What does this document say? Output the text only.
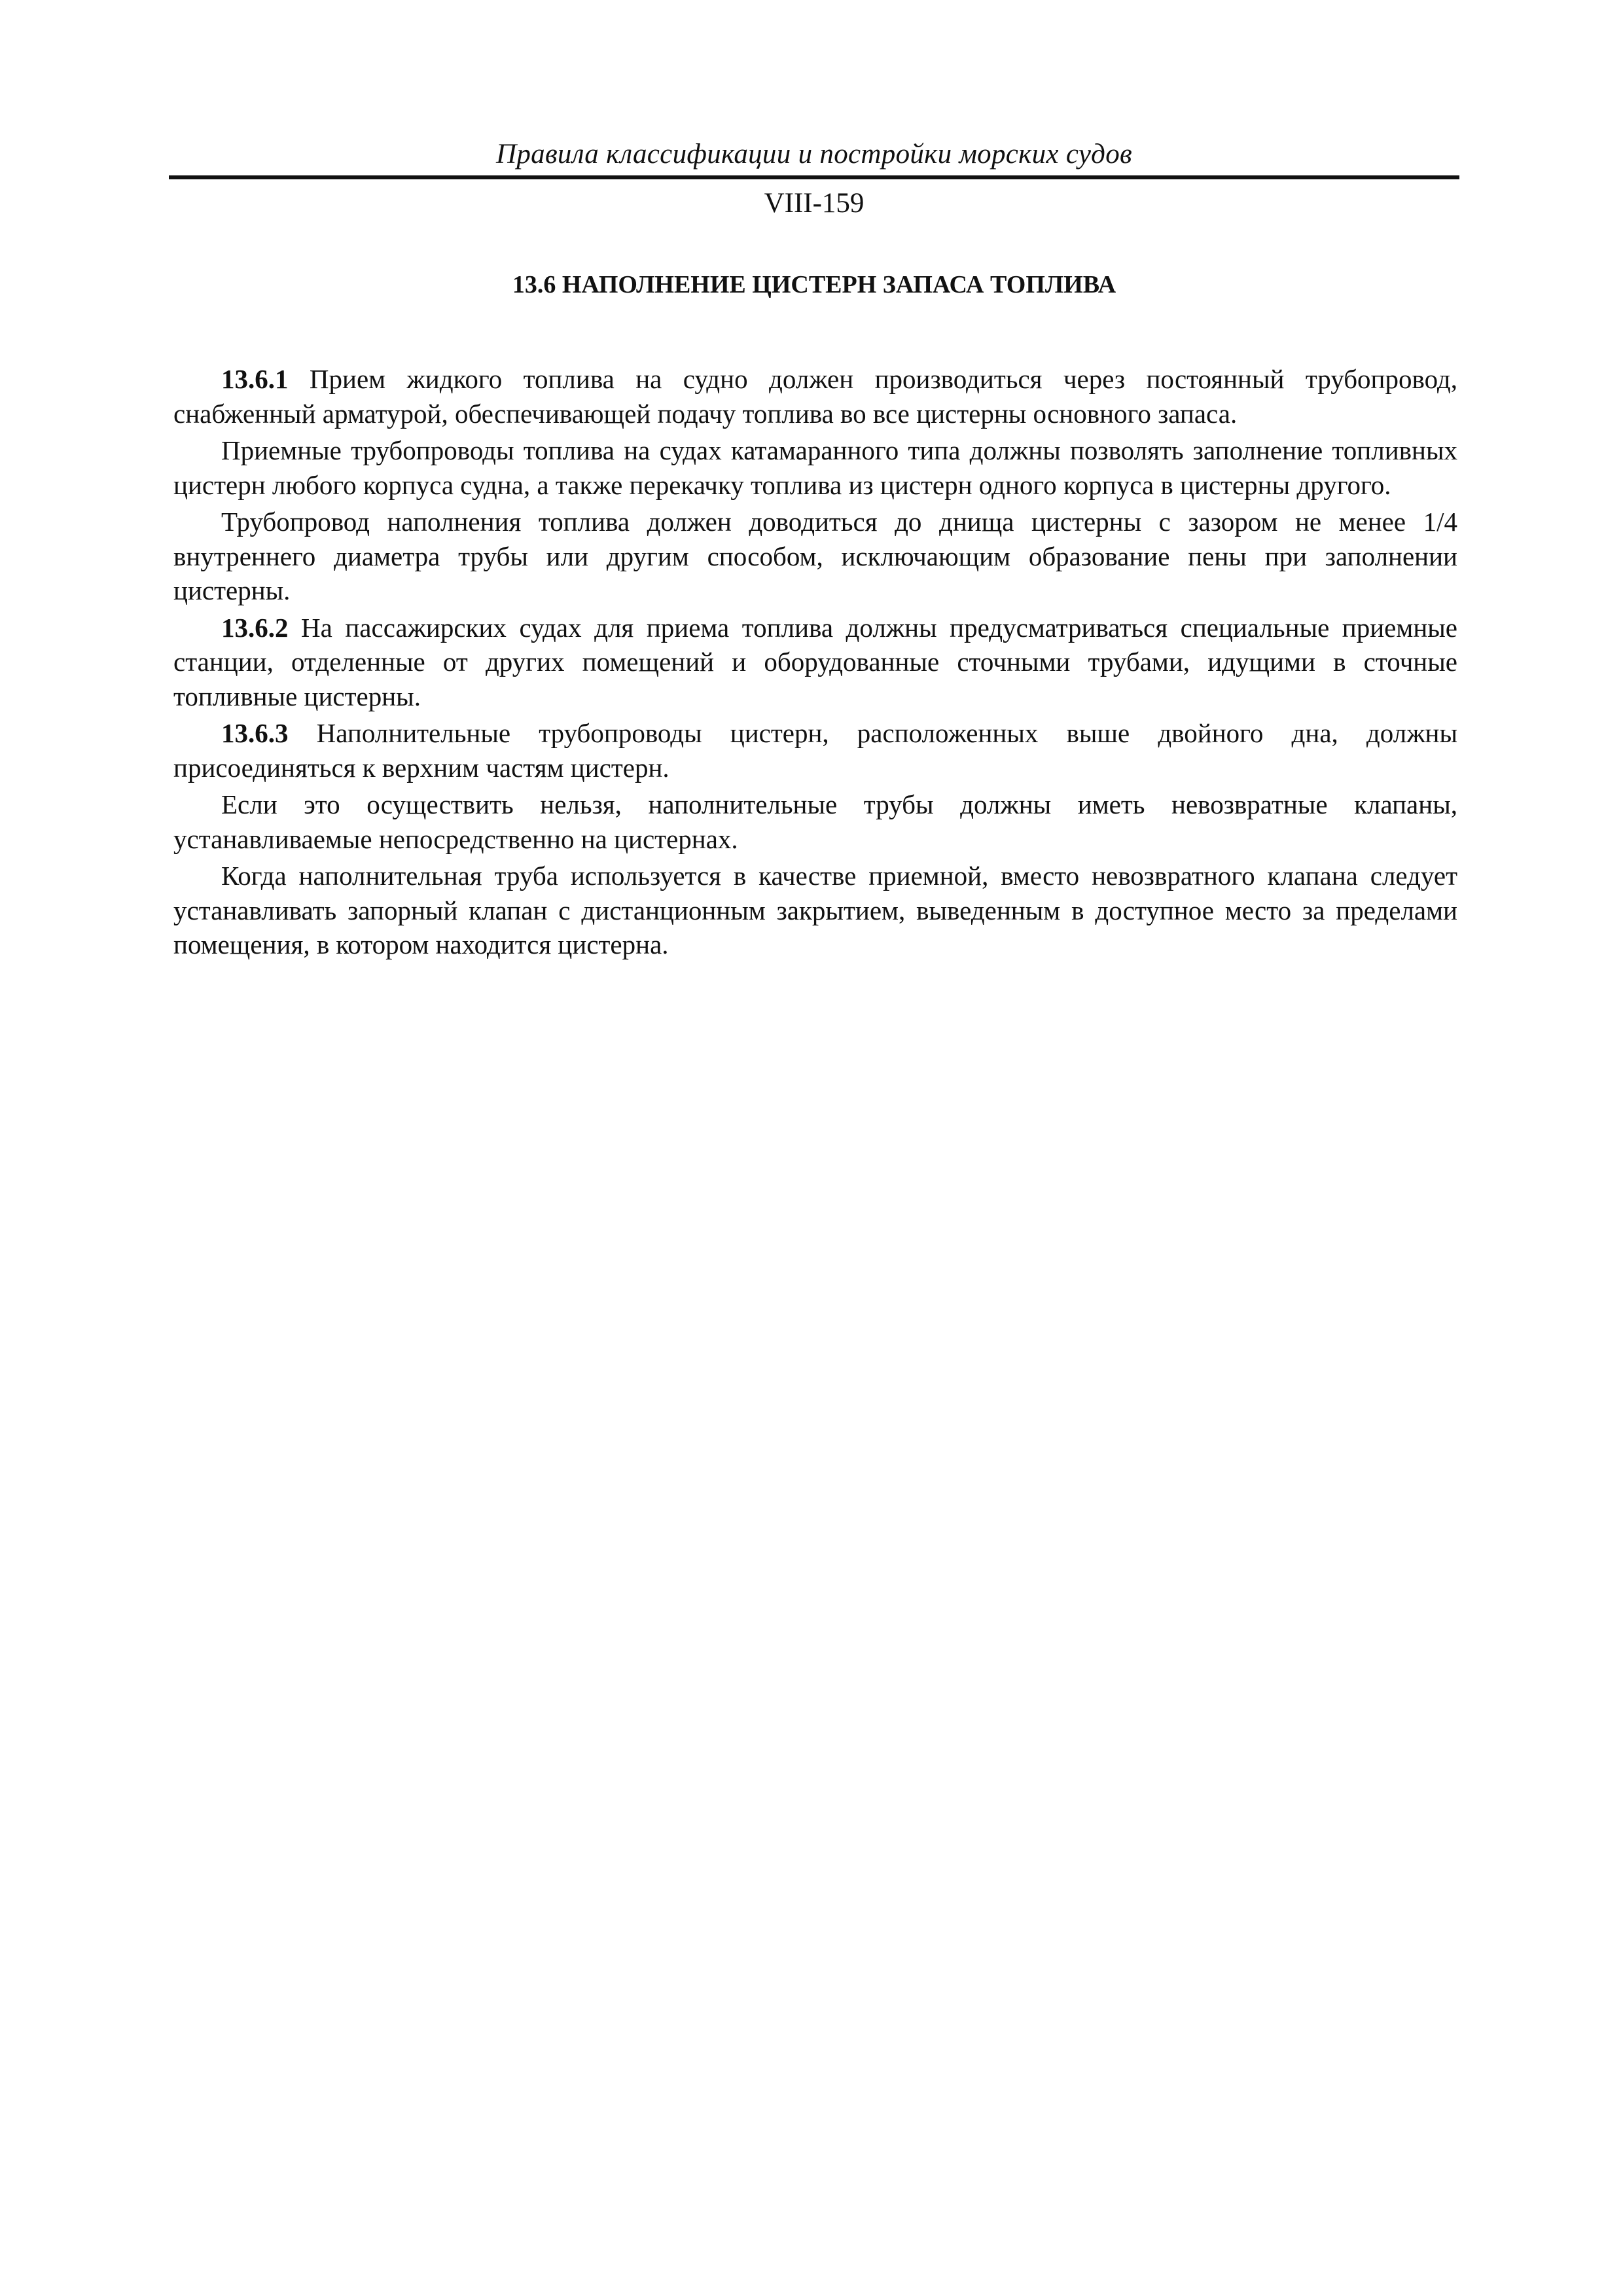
Правила классификации и постройки морских судов
VIII-159
13.6 НАПОЛНЕНИЕ ЦИСТЕРН ЗАПАСА ТОПЛИВА

13.6.1 Прием жидкого топлива на судно должен производиться через постоянный трубопровод, снабженный арматурой, обеспечивающей подачу топлива во все цистерны основного запаса.

Приемные трубопроводы топлива на судах катамаранного типа должны позволять заполнение топливных цистерн любого корпуса судна, а также перекачку топлива из цистерн одного корпуса в цистерны другого.

Трубопровод наполнения топлива должен доводиться до днища цистерны с зазором не менее 1/4 внутреннего диаметра трубы или другим способом, исключающим образование пены при заполнении цистерны.

13.6.2 На пассажирских судах для приема топлива должны предусматриваться специальные приемные станции, отделенные от других помещений и оборудованные сточными трубами, идущими в сточные топливные цистерны.

13.6.3 Наполнительные трубопроводы цистерн, расположенных выше двойного дна, должны присоединяться к верхним частям цистерн.

Если это осуществить нельзя, наполнительные трубы должны иметь невозвратные клапаны, устанавливаемые непосредственно на цистернах.

Когда наполнительная труба используется в качестве приемной, вместо невозвратного клапана следует устанавливать запорный клапан с дистанционным закрытием, выведенным в доступное место за пределами помещения, в котором находится цистерна.
